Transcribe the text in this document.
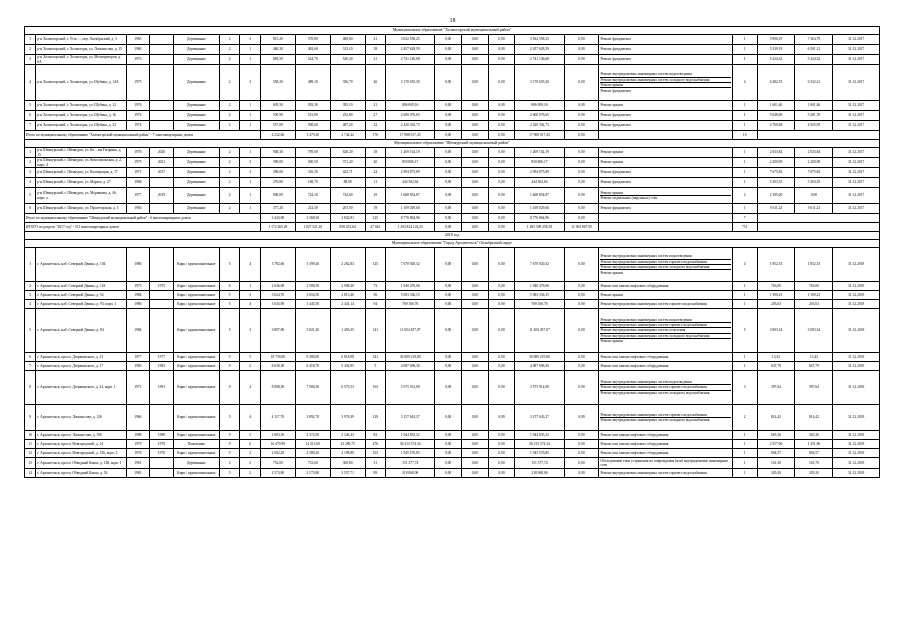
18
Муниципальное образование "Холмогорский муниципальный район"																					
1	р-н Холмогорский, г. Усть-..., пер. Октябрьский, д. 3	1965		Деревянные	2	3	815,20	570,80	480,60	21	3 632 558,25	0,00	0,00	0,00	3 632 558,25	0,00	Ремонт фундамента	1	5 906,19	7 364,79	31.12.2017
2	р-н Холмогорский, г. Холмогоры, ул. Ломоносова, д. 15	1960		Деревянные	2	1	460,30	402,60	313,10	18	2 457 628,59	0,00	0,00	0,00	2 457 628,59	0,00	Ремонт фундамента	1	5 339,19	6 501,12	31.12.2017
3	р-н Холмогорский, г. Холмогоры, ул. Мелиораторов, д. 6А	1975		Деревянные	2	1	685,50	524,70	520,30	21	2 741 146,68	0,00	0,00	0,00	2 741 146,68	0,00	Ремонт фундамента	1	5 224,32	5 224,32	31.12.2017
4	р-н Холмогорский, г. Холмогоры, ул. Шубина, д. 14А	1975		Деревянные	2	3	558,20	489,10	356,70	26	3 170 655,30	0,00	0,00	0,00	3 170 655,30	0,00	Ремонт внутридомовых инженерных систем водоотведения
Ремонт внутридомовых инженерных систем холодного водоснабжения
Ремонт крыши
Ремонт фундамента	4	6 282,55	6 532,21	31.12.2017
5	р-н Холмогорский, г. Холмогоры, ул. Шубина, д. 12	1976		Деревянные	2	1	605,50	503,30	395,10	21	806 009,16	0,00	0,00	0,00	806 009,16	0,00	Ремонт крыши	1	1 601,46	1 601,46	31.12.2017
6	р-н Холмогорский, г. Холмогоры, ул. Шубина, д. 16	1974		Деревянные	2	1	550,90	515,00	252,80	27	2 600 076,65	0,00	0,00	0,00	2 600 076,65	0,00	Ремонт фундамента	1	5 048,69	5 281,70	31.12.2017
7	р-н Холмогорский, г. Холмогоры, ул. Шубина, д. 23	1974		Деревянные	2	1	557,00	508,60	487,20	22	2 420 302,73	0,00	0,00	0,00	2 420 302,73	0,00	Ремонт фундамента	1	4 760,68	4 925,95	31.12.2017
Итого по муниципальному образованию "Холмогорский муниципальный район" - 7 многоквартирных домов							4 232,60	3 479,20	2 744,42	176	17 908 017,43	0,00	0,00	0,00	17 908 017,43	0,00		10			
Муниципальное образование "Шенкурский муниципальный район"																					
1	р-н Шенкурский, г. Шенкурск, ул. Ко... им Гагарина, д. 15	1976	2020	Деревянные	2	1	948,30	795,00	620,20	18	1 269 102,19	0,00	0,00	0,00	1 269 102,19	0,00	Ремонт крыши	1	2 033,84	2 033,84	31.12.2017
2	р-н Шенкурский, г. Шенкурск, ул. Комсомольская, д. 2, корп. 4	1975	2021	Деревянные	2	3	590,00	500,50	371,20	20	850 806,17	0,00	0,00	0,00	850 806,17	0,00	Ремонт крыши	1	2 200,99	2 200,99	31.12.2017
3	р-н Шенкурский, г. Шенкурск, ул. Кооперации, д. 17	1971	2017	Деревянные	2	3	390,00	316,30	422,71	22	2 994 875,89	0,00	0,00	0,00	2 994 875,89	0,00	Ремонт фундамента	1	7 675,82	7 675,82	31.12.2017
4	р-н Шенкурский, г. Шенкурск, ул. Марата, д. 27	1968		Деревянные	2	1	276,80	168,70	88,00	11	444 562,64	0,00	0,00	0,00	444 562,64	0,00	Ремонт фундамента	1	5 203,35	5 203,35	31.12.2017
5	р-н Шенкурский, г. Шенкурск, ул. Муравьева, д. 4б, корп. а	1977	2019	Деревянные	2	1	900,00	724,10	724,60	29	1 668 854,87	0,00	0,00	0,00	1 668 854,87	0,00	Ремонт крыши
Ремонт подвальных (наружных) стен	2	2 185,00	0,00	31.12.2017
6	р-н Шенкурский, г. Шенкурск, ул. Пролетарская, д. 5	1963		Деревянные	2	1	377,20	212,30	201,50	19	1 169 029,60	0,00	0,00	0,00	1 169 029,60	0,00	Ремонт фундамента	1	5 611,23	5 611,23	31.12.2017
Итого по муниципальному образованию "Шенкурский муниципальный район" - 6 многоквартирных домов							3 443,00	3 368,30	2 822,81	125	8 776 864,96	0,00	0,00	0,00	8 776 864,96	0,00		7			
ИТОГО по разделу "2017 год" - 511 многоквартирных домов							1 172 265,29	1 027 521,16	858 251,64	47 042	1 294 814 124,23	0,00	0,00	0,00	1 283 309 258,18	11 504 867,95		751			
2018 год																					
Муниципальное образование "Город Архангельск" Октябрьский округ																					
1	г. Архангельск, наб. Северной Двины, д. 104	1980		Кирп./ крупнопанельные	5	4	3 792,60	3 399,26	2 262,83	125	7 670 920,32	0,00	0,00	0,00	7 670 920,32	0,00	Ремонт внутридомовых инженерных систем водоотведения
Ремонт внутридомовых инженерных систем горячего водоснабжения
Ремонт внутридомовых инженерных систем холодного водоснабжения
Ремонт крыши	4	1 852,53	1 852,53	31.12.2018
2	г. Архангельск, наб. Северной Двины, д. 118	1975	1975	Кирп./ крупнопанельные	6	1	2 636,00	2 580,50	2 098,20	73	1 940 476,06	0,00	0,00	0,00	1 940 476,06	0,00	Ремонт или замена лифтового оборудования	1	763,00	763,00	31.12.2018
3	г. Архангельск, наб. Северной Двины, д. 92	1984		Кирп./ крупнопанельные	5	3	3 624,70	3 654,50	2 813,40	56	5 083 336,15	0,00	0,00	0,00	5 083 336,15	0,00	Ремонт крыши	1	1 390,23	1 390,23	31.12.2018
4	г. Архангельск, наб. Северной Двины, д. 93, корп. 1	1980		Кирп./ крупнопанельные	5	4	3 645,90	3 445,50	2 441,14	94	769 160,76	0,00	0,00	0,00	769 160,76	0,00	Ремонт внутридомовых инженерных систем горячего водоснабжения	1	203,63	203,63	31.12.2018
5	г. Архангельск, наб. Северной Двины, д. 84	1984		Кирп./ крупнопанельные	5	3	3 897,00	3 821,20	1 493,35	141	11 654 457,07	0,00	0,00	0,00	11 654 457,07	0,00	Ремонт внутридомовых инженерных систем водоотведения
Ремонт внутридомовых инженерных систем горячего водоснабжения
Ремонт внутридомовых инженерных систем отопления
Ремонт внутридомовых инженерных систем холодного водоснабжения
Ремонт крыши	5	3 003,34	3 003,34	31.12.2018
6	г. Архангельск, просп. Дзержинского, д. 13	1977	1977	Кирп./ крупнопанельные	9	5	18 759,00	9 380,00	6 818,98	341	30 089 219,80	0,00	0,00	0,00	30 089 219,80	0,00	Ремонт или замена лифтового оборудования	1	13,43	13,43	31.12.2018
7	г. Архангельск, просп. Дзержинского, д. 17	1983	1983	Кирп./ крупнопанельные	9	2	8 630,30	6 418,70	5 434,95	5	4 087 696,30	0,00	0,00	0,00	4 087 696,30	0,00	Ремонт или замена лифтового оборудования	1	647,79	647,79	31.12.2018
8	г. Архангельск, просп. Дзержинского, д. 23, корп. 1	1971	1991	Кирп./ крупнопанельные	9	4	8 088,30	7 586,30	6 575,53	163	3 575 912,08	0,00	0,00	0,00	3 575 912,08	0,00	Ремонт внутридомовых инженерных систем водоотведения
Ремонт внутридомовых инженерных систем горячего водоснабжения
Ремонт внутридомовых инженерных систем холодного водоснабжения	3	397,64	397,64	31.12.2018
9	г. Архангельск, просп. Ломоносова, д. 126	1966		Кирп./ крупнопанельные	5	4	4 117,70	3 892,70	3 976,39	129	3 157 643,37	0,00	0,00	0,00	3 157 643,37	0,00	Ремонт внутридомовых инженерных систем горячего водоснабжения
Ремонт внутридомовых инженерных систем холодного водоснабжения	2	814,42	814,42	31.12.2018
10	г. Архангельск, просп. Ломоносова, д. 196	1988	1988	Кирп./ крупнопанельные	9	2	2 683,50	2 372,00	2 346,43	82	1 944 835,32	0,00	0,00	0,00	1 944 835,32	0,00	Ремонт или замена лифтового оборудования	1	665,26	365,26	31.12.2018
11	г. Архангельск, просп. Новгородский, д. 14	1979	1979	Панельные	9	6	16 470,99	14 213,00	13 289,75	476	36 313 374,34	0,00	0,00	0,00	36 313 374,34	0,00	Ремонт или замена лифтового оборудования	1	2 557,06	1 351,96	31.12.2018
12	г. Архангельск, просп. Новгородский, д. 156, корп. 2	1976	1976	Кирп./ крупнопанельные	9	2	2 602,20	2 388,20	2 198,80	103	1 945 576,85	0,00	0,00	0,00	1 945 576,85	0,00	Ремонт или замена лифтового оборудования	1	804,57	804,57	31.12.2018
13	г. Архангельск, просп. Обводный Канал, д. 148, корп. 1	1961		Деревянные	2	2	752,00	733,60	300,60	31	151 377,74	0,00	0,00	0,00	151 377,74	0,00	Обследование типа устранения их повреждения (или) внутридомовые инженерные сети	1	161,30	161,70	31.12.2018
14	г. Архангельск, просп. Обводный Канал, д. 54	1981		Кирп./ крупнопанельные	5	2	2 573,80	2 573,80	2 557,71	89	218 068,06	0,00	0,00	0,00	218 068,06	0,00	Ремонт внутридомовых инженерных систем горячего водоснабжения	1	329,20	329,20	31.12.2018
